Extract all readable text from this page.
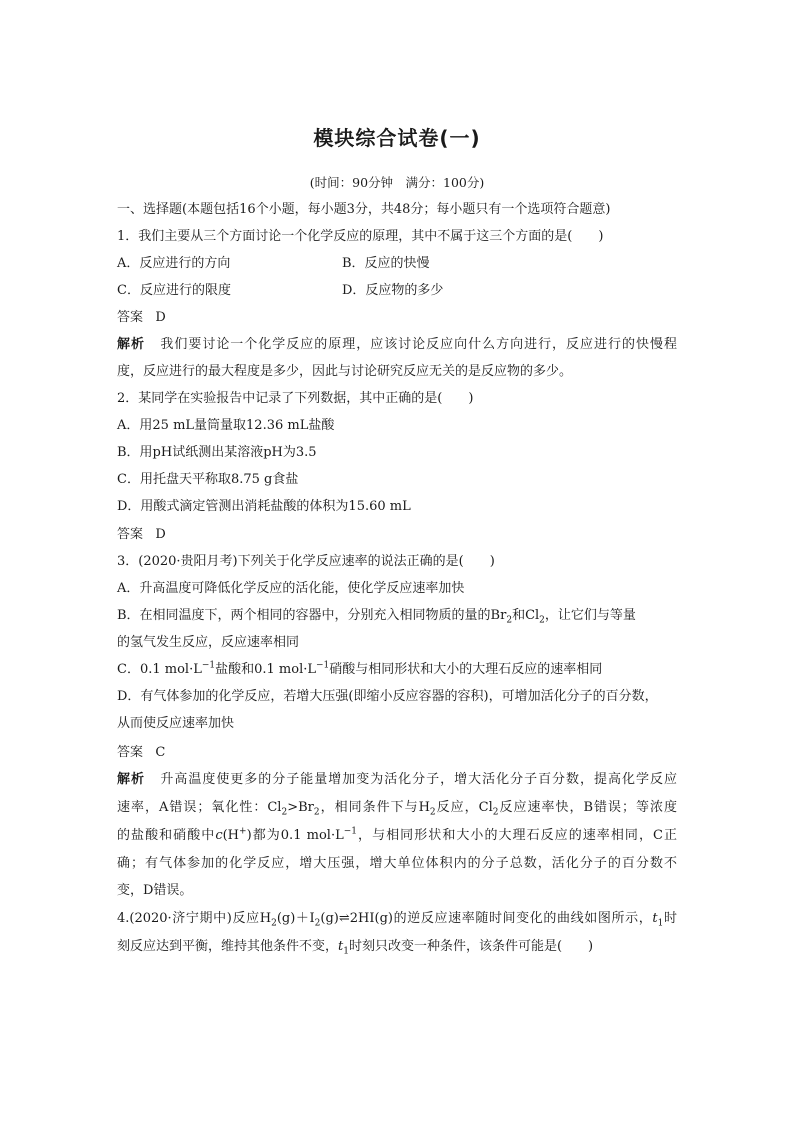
模块综合试卷(一)
(时间：90分钟　满分：100分)
一、选择题(本题包括16个小题，每小题3分，共48分；每小题只有一个选项符合题意)
1．我们主要从三个方面讨论一个化学反应的原理，其中不属于这三个方面的是(　　)
A．反应进行的方向	B．反应的快慢
C．反应进行的限度	D．反应物的多少
答案 D
解析 我们要讨论一个化学反应的原理，应该讨论反应向什么方向进行，反应进行的快慢程
度，反应进行的最大程度是多少，因此与讨论研究反应无关的是反应物的多少。
2．某同学在实验报告中记录了下列数据，其中正确的是(　　)
A．用25 mL量筒量取12.36 mL盐酸
B．用pH试纸测出某溶液pH为3.5
C．用托盘天平称取8.75 g食盐
D．用酸式滴定管测出消耗盐酸的体积为15.60 mL
答案 D
3．(2020·贵阳月考)下列关于化学反应速率的说法正确的是(　　)
A．升高温度可降低化学反应的活化能，使化学反应速率加快
B．在相同温度下，两个相同的容器中，分别充入相同物质的量的$Br_2$和$Cl_2$，让它们与等量
的氢气发生反应，反应速率相同
C．0.1 $mol\cdot L^{-1}$盐酸和0.1 $mol\cdot L^{-1}$硝酸与相同形状和大小的大理石反应的速率相同
D．有气体参加的化学反应，若增大压强(即缩小反应容器的容积)，可增加活化分子的百分数，
从而使反应速率加快
答案 C
解析 升高温度使更多的分子能量增加变为活化分子，增大活化分子百分数，提高化学反应
速率，A错误；氧化性：$Cl_2>Br_2$，相同条件下与$H_2$反应，$Cl_2$反应速率快，B错误；等浓度
的盐酸和硝酸中c(H+)都为0.1 $mol\cdot L^{-1}$，与相同形状和大小的大理石反应的速率相同，C正
确；有气体参加的化学反应，增大压强，增大单位体积内的分子总数，活化分子的百分数不
变，D错误。
4.(2020·济宁期中)反应$H_2(g)+I_2(g)\rightleftharpoons 2HI(g)$的逆反应速率随时间变化的曲线如图所示，$t_1$时
刻反应达到平衡，维持其他条件不变，$t_1$时刻只改变一种条件，该条件可能是(　　)
